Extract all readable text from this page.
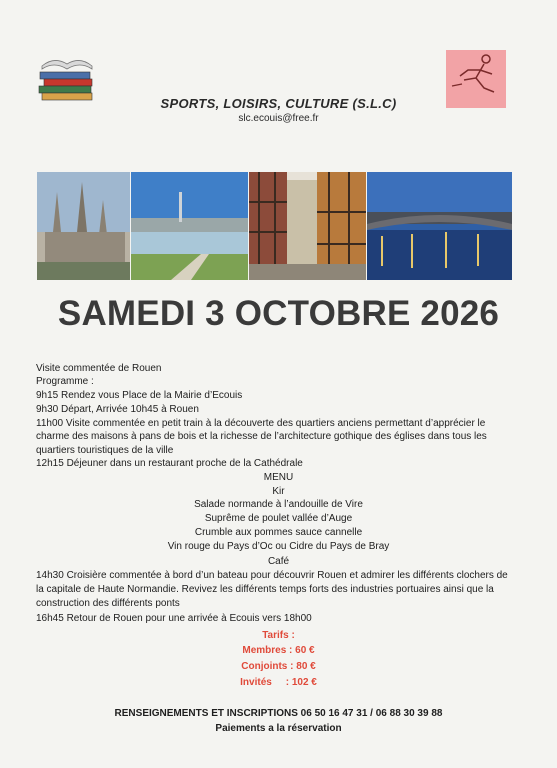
SPORTS, LOISIRS, CULTURE (S.L.C)
slc.ecouis@free.fr
SAMEDI 3 OCTOBRE 2026
Visite commentée de Rouen
Programme :
9h15 Rendez vous Place de la Mairie d’Ecouis
9h30 Départ, Arrivée 10h45 à Rouen
11h00 Visite commentée en petit train à la découverte des quartiers anciens permettant d’apprécier le
charme des maisons à pans de bois et la richesse de l’architecture gothique des églises dans tous les
quartiers touristiques de la ville
12h15 Déjeuner dans un restaurant proche de la Cathédrale
MENU
Kir
Salade normande à l’andouille de Vire
Suprême de poulet vallée d’Auge
Crumble aux pommes sauce cannelle
Vin rouge du Pays d’Oc ou Cidre du Pays de Bray
Café
14h30 Croisière commentée à bord d’un bateau pour découvrir Rouen et admirer les différents clochers de
la capitale de Haute Normandie. Revivez les différents temps forts des industries portuaires ainsi que la
construction des différents ponts
16h45 Retour de Rouen pour une arrivée à Ecouis vers 18h00
Tarifs :
Membres : 60 €
Conjoints : 80 €
Invités     : 102 €
RENSEIGNEMENTS ET INSCRIPTIONS 06 50 16 47 31 / 06 88 30 39 88
Paiements a la réservation
